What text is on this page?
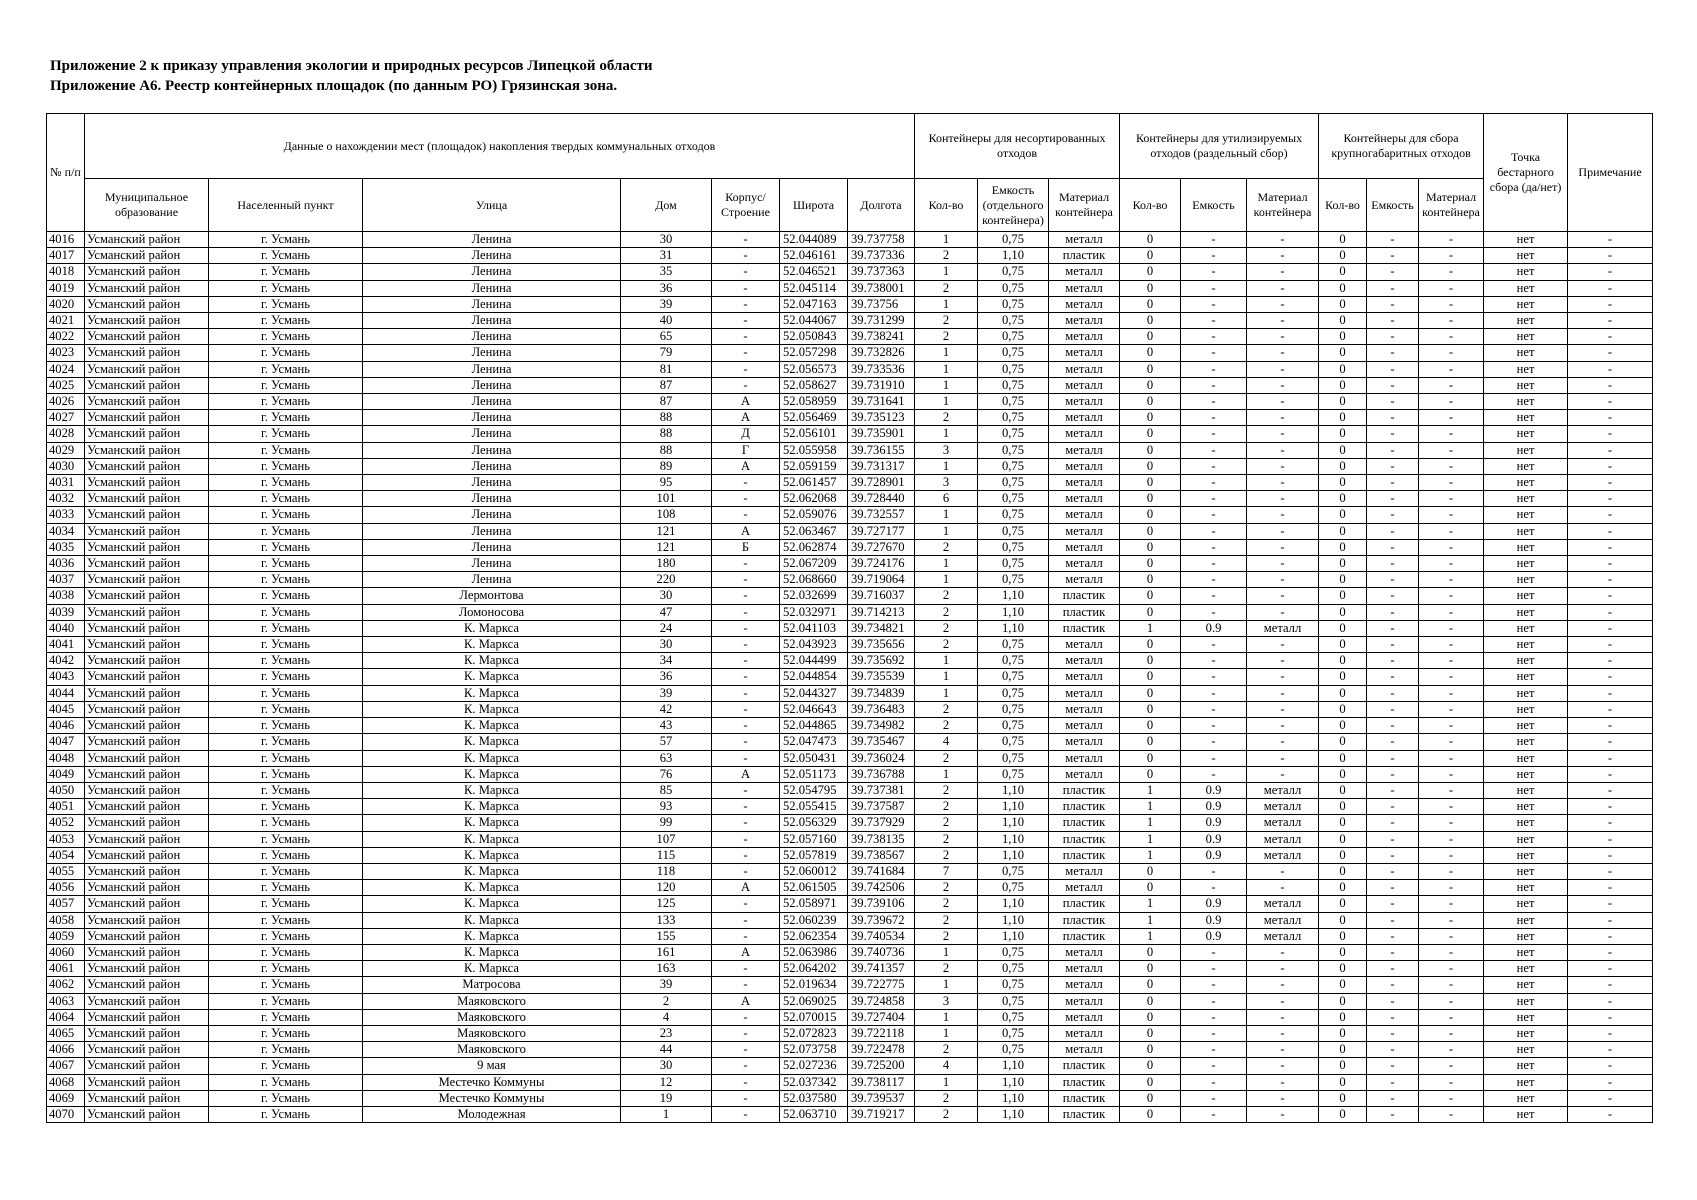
Приложение 2 к приказу управления экологии и природных ресурсов Липецкой области
Приложение А6. Реестр контейнерных площадок (по данным РО) Грязинская зона.
№ п/п	Данные о нахождении мест (площадок) накопления твердых коммунальных отходов							Контейнеры для несортированных отходов			Контейнеры для утилизируемых отходов (раздельный сбор)			Контейнеры для сбора крупногабаритных отходов			Точка бестарного сбора (да/нет)	Примечание
	Муниципальное образование	Населенный пункт	Улица	Дом	Корпус/ Строение	Широта	Долгота	Кол-во	Емкость (отдельного контейнера)	Материал контейнера	Кол-во	Емкость	Материал контейнера	Кол-во	Емкость	Материал контейнера		
4016	Усманский район	г. Усмань	Ленина	30	-	52.044089	39.737758	1	0,75	металл	0	-	-	0	-	-	нет	-
4017	Усманский район	г. Усмань	Ленина	31	-	52.046161	39.737336	2	1,10	пластик	0	-	-	0	-	-	нет	-
4018	Усманский район	г. Усмань	Ленина	35	-	52.046521	39.737363	1	0,75	металл	0	-	-	0	-	-	нет	-
4019	Усманский район	г. Усмань	Ленина	36	-	52.045114	39.738001	2	0,75	металл	0	-	-	0	-	-	нет	-
4020	Усманский район	г. Усмань	Ленина	39	-	52.047163	39.73756	1	0,75	металл	0	-	-	0	-	-	нет	-
4021	Усманский район	г. Усмань	Ленина	40	-	52.044067	39.731299	2	0,75	металл	0	-	-	0	-	-	нет	-
4022	Усманский район	г. Усмань	Ленина	65	-	52.050843	39.738241	2	0,75	металл	0	-	-	0	-	-	нет	-
4023	Усманский район	г. Усмань	Ленина	79	-	52.057298	39.732826	1	0,75	металл	0	-	-	0	-	-	нет	-
4024	Усманский район	г. Усмань	Ленина	81	-	52.056573	39.733536	1	0,75	металл	0	-	-	0	-	-	нет	-
4025	Усманский район	г. Усмань	Ленина	87	-	52.058627	39.731910	1	0,75	металл	0	-	-	0	-	-	нет	-
4026	Усманский район	г. Усмань	Ленина	87	А	52.058959	39.731641	1	0,75	металл	0	-	-	0	-	-	нет	-
4027	Усманский район	г. Усмань	Ленина	88	А	52.056469	39.735123	2	0,75	металл	0	-	-	0	-	-	нет	-
4028	Усманский район	г. Усмань	Ленина	88	Д	52.056101	39.735901	1	0,75	металл	0	-	-	0	-	-	нет	-
4029	Усманский район	г. Усмань	Ленина	88	Г	52.055958	39.736155	3	0,75	металл	0	-	-	0	-	-	нет	-
4030	Усманский район	г. Усмань	Ленина	89	А	52.059159	39.731317	1	0,75	металл	0	-	-	0	-	-	нет	-
4031	Усманский район	г. Усмань	Ленина	95	-	52.061457	39.728901	3	0,75	металл	0	-	-	0	-	-	нет	-
4032	Усманский район	г. Усмань	Ленина	101	-	52.062068	39.728440	6	0,75	металл	0	-	-	0	-	-	нет	-
4033	Усманский район	г. Усмань	Ленина	108	-	52.059076	39.732557	1	0,75	металл	0	-	-	0	-	-	нет	-
4034	Усманский район	г. Усмань	Ленина	121	А	52.063467	39.727177	1	0,75	металл	0	-	-	0	-	-	нет	-
4035	Усманский район	г. Усмань	Ленина	121	Б	52.062874	39.727670	2	0,75	металл	0	-	-	0	-	-	нет	-
4036	Усманский район	г. Усмань	Ленина	180	-	52.067209	39.724176	1	0,75	металл	0	-	-	0	-	-	нет	-
4037	Усманский район	г. Усмань	Ленина	220	-	52.068660	39.719064	1	0,75	металл	0	-	-	0	-	-	нет	-
4038	Усманский район	г. Усмань	Лермонтова	30	-	52.032699	39.716037	2	1,10	пластик	0	-	-	0	-	-	нет	-
4039	Усманский район	г. Усмань	Ломоносова	47	-	52.032971	39.714213	2	1,10	пластик	0	-	-	0	-	-	нет	-
4040	Усманский район	г. Усмань	К. Маркса	24	-	52.041103	39.734821	2	1,10	пластик	1	0.9	металл	0	-	-	нет	-
4041	Усманский район	г. Усмань	К. Маркса	30	-	52.043923	39.735656	2	0,75	металл	0	-	-	0	-	-	нет	-
4042	Усманский район	г. Усмань	К. Маркса	34	-	52.044499	39.735692	1	0,75	металл	0	-	-	0	-	-	нет	-
4043	Усманский район	г. Усмань	К. Маркса	36	-	52.044854	39.735539	1	0,75	металл	0	-	-	0	-	-	нет	-
4044	Усманский район	г. Усмань	К. Маркса	39	-	52.044327	39.734839	1	0,75	металл	0	-	-	0	-	-	нет	-
4045	Усманский район	г. Усмань	К. Маркса	42	-	52.046643	39.736483	2	0,75	металл	0	-	-	0	-	-	нет	-
4046	Усманский район	г. Усмань	К. Маркса	43	-	52.044865	39.734982	2	0,75	металл	0	-	-	0	-	-	нет	-
4047	Усманский район	г. Усмань	К. Маркса	57	-	52.047473	39.735467	4	0,75	металл	0	-	-	0	-	-	нет	-
4048	Усманский район	г. Усмань	К. Маркса	63	-	52.050431	39.736024	2	0,75	металл	0	-	-	0	-	-	нет	-
4049	Усманский район	г. Усмань	К. Маркса	76	А	52.051173	39.736788	1	0,75	металл	0	-	-	0	-	-	нет	-
4050	Усманский район	г. Усмань	К. Маркса	85	-	52.054795	39.737381	2	1,10	пластик	1	0.9	металл	0	-	-	нет	-
4051	Усманский район	г. Усмань	К. Маркса	93	-	52.055415	39.737587	2	1,10	пластик	1	0.9	металл	0	-	-	нет	-
4052	Усманский район	г. Усмань	К. Маркса	99	-	52.056329	39.737929	2	1,10	пластик	1	0.9	металл	0	-	-	нет	-
4053	Усманский район	г. Усмань	К. Маркса	107	-	52.057160	39.738135	2	1,10	пластик	1	0.9	металл	0	-	-	нет	-
4054	Усманский район	г. Усмань	К. Маркса	115	-	52.057819	39.738567	2	1,10	пластик	1	0.9	металл	0	-	-	нет	-
4055	Усманский район	г. Усмань	К. Маркса	118	-	52.060012	39.741684	7	0,75	металл	0	-	-	0	-	-	нет	-
4056	Усманский район	г. Усмань	К. Маркса	120	А	52.061505	39.742506	2	0,75	металл	0	-	-	0	-	-	нет	-
4057	Усманский район	г. Усмань	К. Маркса	125	-	52.058971	39.739106	2	1,10	пластик	1	0.9	металл	0	-	-	нет	-
4058	Усманский район	г. Усмань	К. Маркса	133	-	52.060239	39.739672	2	1,10	пластик	1	0.9	металл	0	-	-	нет	-
4059	Усманский район	г. Усмань	К. Маркса	155	-	52.062354	39.740534	2	1,10	пластик	1	0.9	металл	0	-	-	нет	-
4060	Усманский район	г. Усмань	К. Маркса	161	А	52.063986	39.740736	1	0,75	металл	0	-	-	0	-	-	нет	-
4061	Усманский район	г. Усмань	К. Маркса	163	-	52.064202	39.741357	2	0,75	металл	0	-	-	0	-	-	нет	-
4062	Усманский район	г. Усмань	Матросова	39	-	52.019634	39.722775	1	0,75	металл	0	-	-	0	-	-	нет	-
4063	Усманский район	г. Усмань	Маяковского	2	А	52.069025	39.724858	3	0,75	металл	0	-	-	0	-	-	нет	-
4064	Усманский район	г. Усмань	Маяковского	4	-	52.070015	39.727404	1	0,75	металл	0	-	-	0	-	-	нет	-
4065	Усманский район	г. Усмань	Маяковского	23	-	52.072823	39.722118	1	0,75	металл	0	-	-	0	-	-	нет	-
4066	Усманский район	г. Усмань	Маяковского	44	-	52.073758	39.722478	2	0,75	металл	0	-	-	0	-	-	нет	-
4067	Усманский район	г. Усмань	9 мая	30	-	52.027236	39.725200	4	1,10	пластик	0	-	-	0	-	-	нет	-
4068	Усманский район	г. Усмань	Местечко Коммуны	12	-	52.037342	39.738117	1	1,10	пластик	0	-	-	0	-	-	нет	-
4069	Усманский район	г. Усмань	Местечко Коммуны	19	-	52.037580	39.739537	2	1,10	пластик	0	-	-	0	-	-	нет	-
4070	Усманский район	г. Усмань	Молодежная	1	-	52.063710	39.719217	2	1,10	пластик	0	-	-	0	-	-	нет	-
